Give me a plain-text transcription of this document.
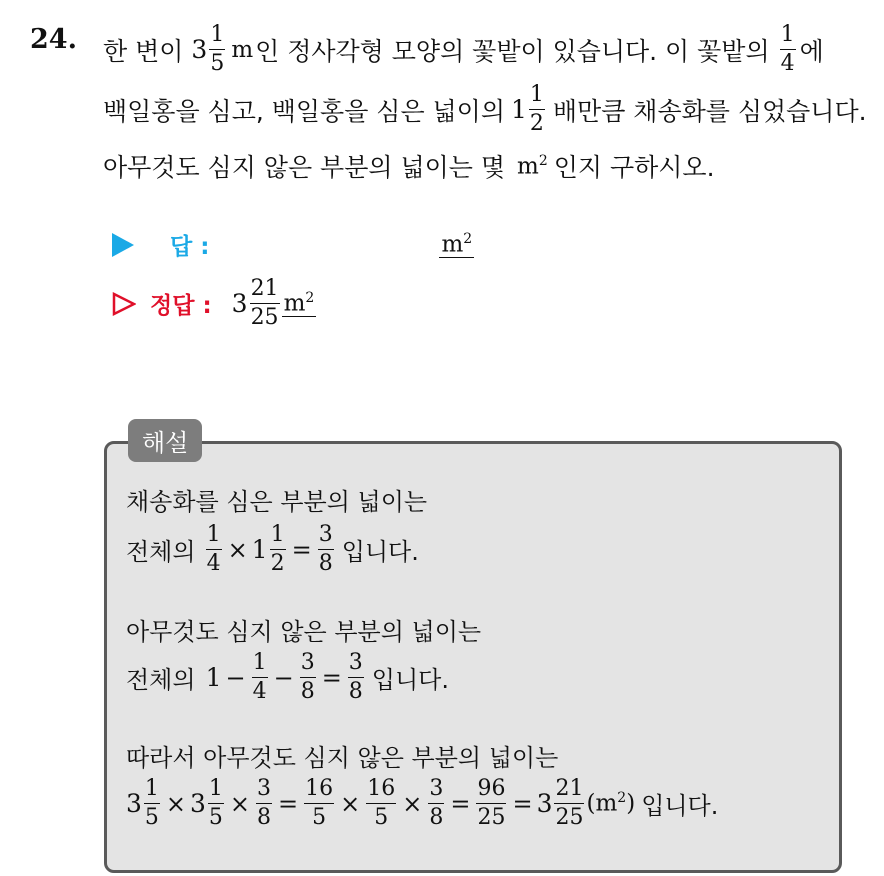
24. 한 변이 $3 \frac{1}{5}$ m 인 정사각형 모양의 꽃밭이 있습니다. 이 꽃밭의 $\frac{1}{4}$ 에
백일홍을 심고, 백일홍을 심은 넓이의 $1 \frac{1}{2}$ 배만큼 채송화를 심었습니다.
아무것도 심지 않은 부분의 넓이는 몇 $m^2$ 인지 구하시오.
답 :	$m^2$
정답 : $3 \frac{21}{25} m^2$
해설
채송화를 심은 부분의 넓이는
전체의 $\frac{1}{4} \times 1 \frac{1}{2} = \frac{3}{8}$ 입니다.
아무것도 심지 않은 부분의 넓이는
전체의 $1 - \frac{1}{4} - \frac{3}{8} = \frac{3}{8}$ 입니다.
따라서 아무것도 심지 않은 부분의 넓이는
$3 \frac{1}{5} \times 3 \frac{1}{5} \times \frac{3}{8} = \frac{16}{5} \times \frac{16}{5} \times \frac{3}{8} = \frac{96}{25} = 3 \frac{21}{25} (m^2)$ 입니다.
